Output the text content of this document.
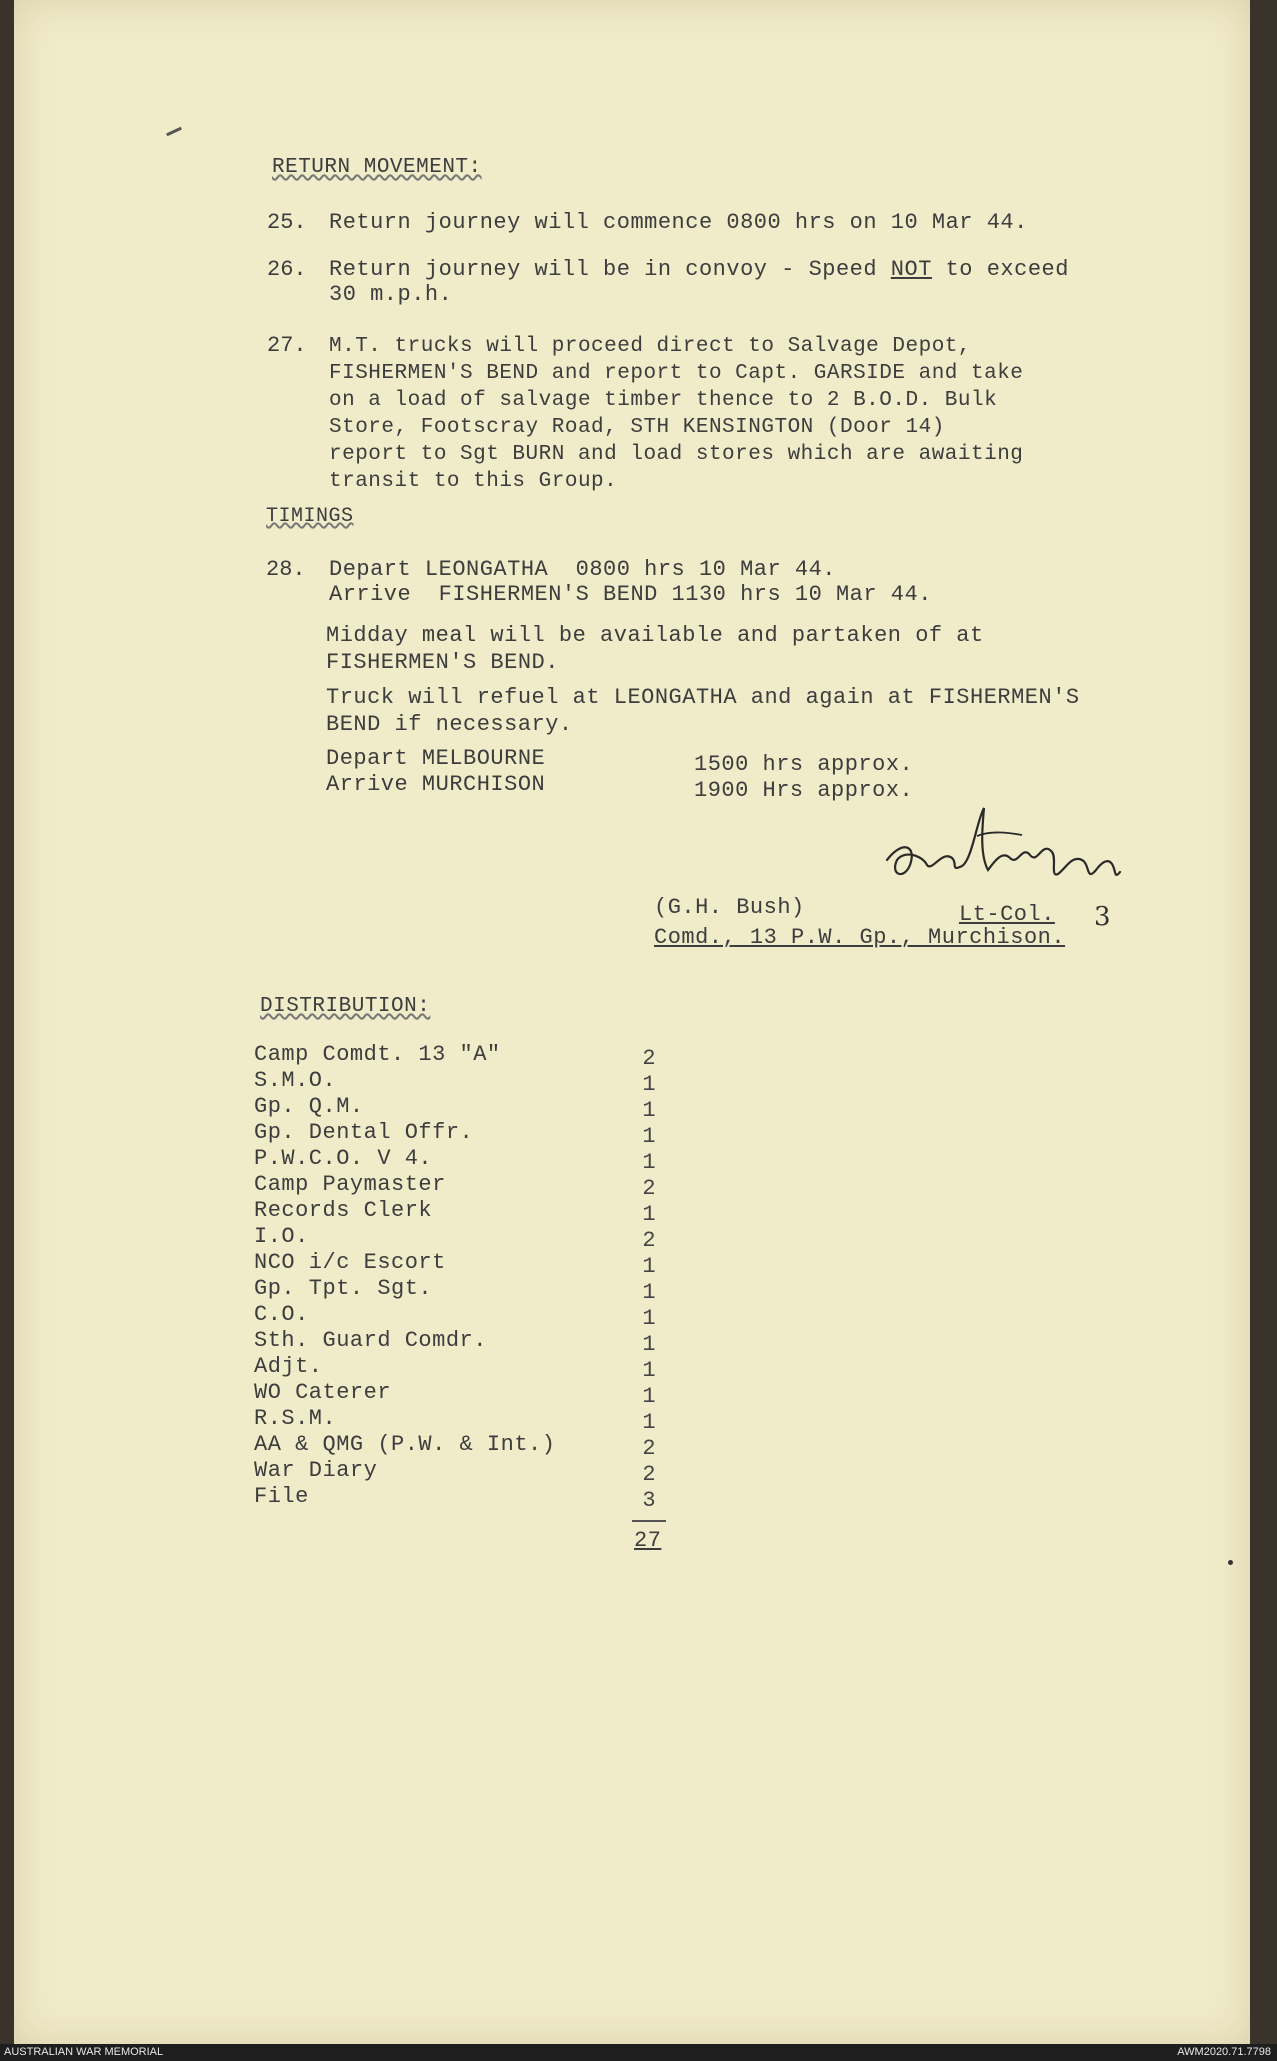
RETURN MOVEMENT:
25. Return journey will commence 0800 hrs on 10 Mar 44.
26. Return journey will be in convoy - Speed NOT to exceed
30 m.p.h.
27. M.T. trucks will proceed direct to Salvage Depot,
FISHERMEN'S BEND and report to Capt. GARSIDE and take
on a load of salvage timber thence to 2 B.O.D. Bulk
Store, Footscray Road, STH KENSINGTON (Door 14)
report to Sgt BURN and load stores which are awaiting
transit to this Group.
TIMINGS
28. Depart LEONGATHA  0800 hrs 10 Mar 44.
Arrive  FISHERMEN'S BEND 1130 hrs 10 Mar 44.
Midday meal will be available and partaken of at
FISHERMEN'S BEND.
Truck will refuel at LEONGATHA and again at FISHERMEN'S
BEND if necessary.
Depart MELBOURNE	1500 hrs approx.
Arrive MURCHISON	1900 Hrs approx.
(G.H. Bush)	Lt-Col.
Comd., 13 P.W. Gp., Murchison.
3
DISTRIBUTION:
Camp Comdt. 13 "A"	2
S.M.O.	1
Gp. Q.M.	1
Gp. Dental Offr.	1
P.W.C.O. V 4.	1
Camp Paymaster	2
Records Clerk	1
I.O.	2
NCO i/c Escort	1
Gp. Tpt. Sgt.	1
C.O.	1
Sth. Guard Comdr.	1
Adjt.	1
WO Caterer	1
R.S.M.	1
AA & QMG (P.W. & Int.)	2
War Diary	2
File	3
27
AUSTRALIAN WAR MEMORIAL	AWM2020.71.7798
